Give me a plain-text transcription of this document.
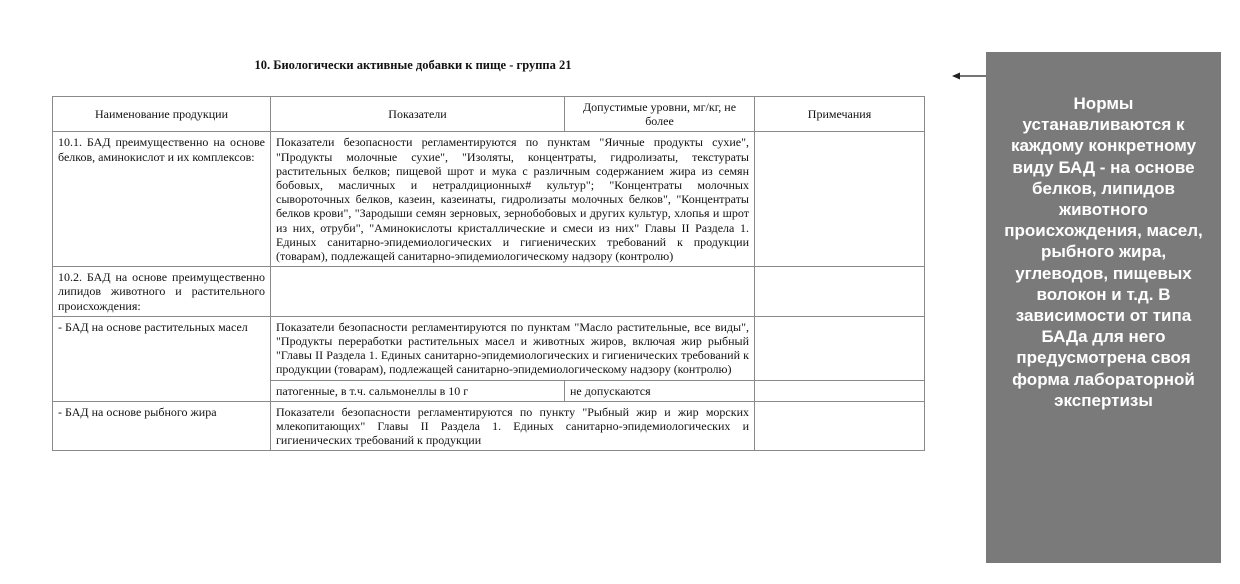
10. Биологически активные добавки к пище - группа 21
Наименование продукции	Показатели	Допустимые уровни, мг/кг, не более	Примечания
10.1. БАД преимущественно на основе белков, аминокислот и их комплексов:	Показатели безопасности регламентируются по пунктам "Яичные продукты сухие", "Продукты молочные сухие", "Изоляты, концентраты, гидролизаты, текстураты растительных белков; пищевой шрот и мука с различным содержанием жира из семян бобовых, масличных и нетралдиционных# культур"; "Концентраты молочных сывороточных белков, казеин, казеинаты, гидролизаты молочных белков", "Концентраты белков крови", "Зародыши семян зерновых, зернобобовых и других культур, хлопья и шрот из них, отруби", "Аминокислоты кристаллические и смеси из них" Главы II Раздела 1. Единых санитарно-эпидемиологических и гигиенических требований к продукции (товарам), подлежащей санитарно-эпидемиологическому надзору (контролю)		
10.2. БАД на основе преимущественно липидов животного и растительного происхождения:			
- БАД на основе растительных масел	Показатели безопасности регламентируются по пунктам "Масло растительные, все виды", "Продукты переработки растительных масел и животных жиров, включая жир рыбный "Главы II Раздела 1. Единых санитарно-эпидемиологических и гигиенических требований к продукции (товарам), подлежащей санитарно-эпидемиологическому надзору (контролю)		
	патогенные, в т.ч. сальмонеллы в 10 г	не допускаются	
- БАД на основе рыбного жира	Показатели безопасности регламентируются по пункту "Рыбный жир и жир морских млекопитающих" Главы II Раздела 1. Единых санитарно-эпидемиологических и гигиенических требований к продукции		
Нормы устанавливаются к каждому конкретному виду БАД - на основе белков, липидов животного происхождения, масел, рыбного жира, углеводов, пищевых волокон и т.д. В зависимости от типа БАДа для него предусмотрена своя форма лабораторной экспертизы
